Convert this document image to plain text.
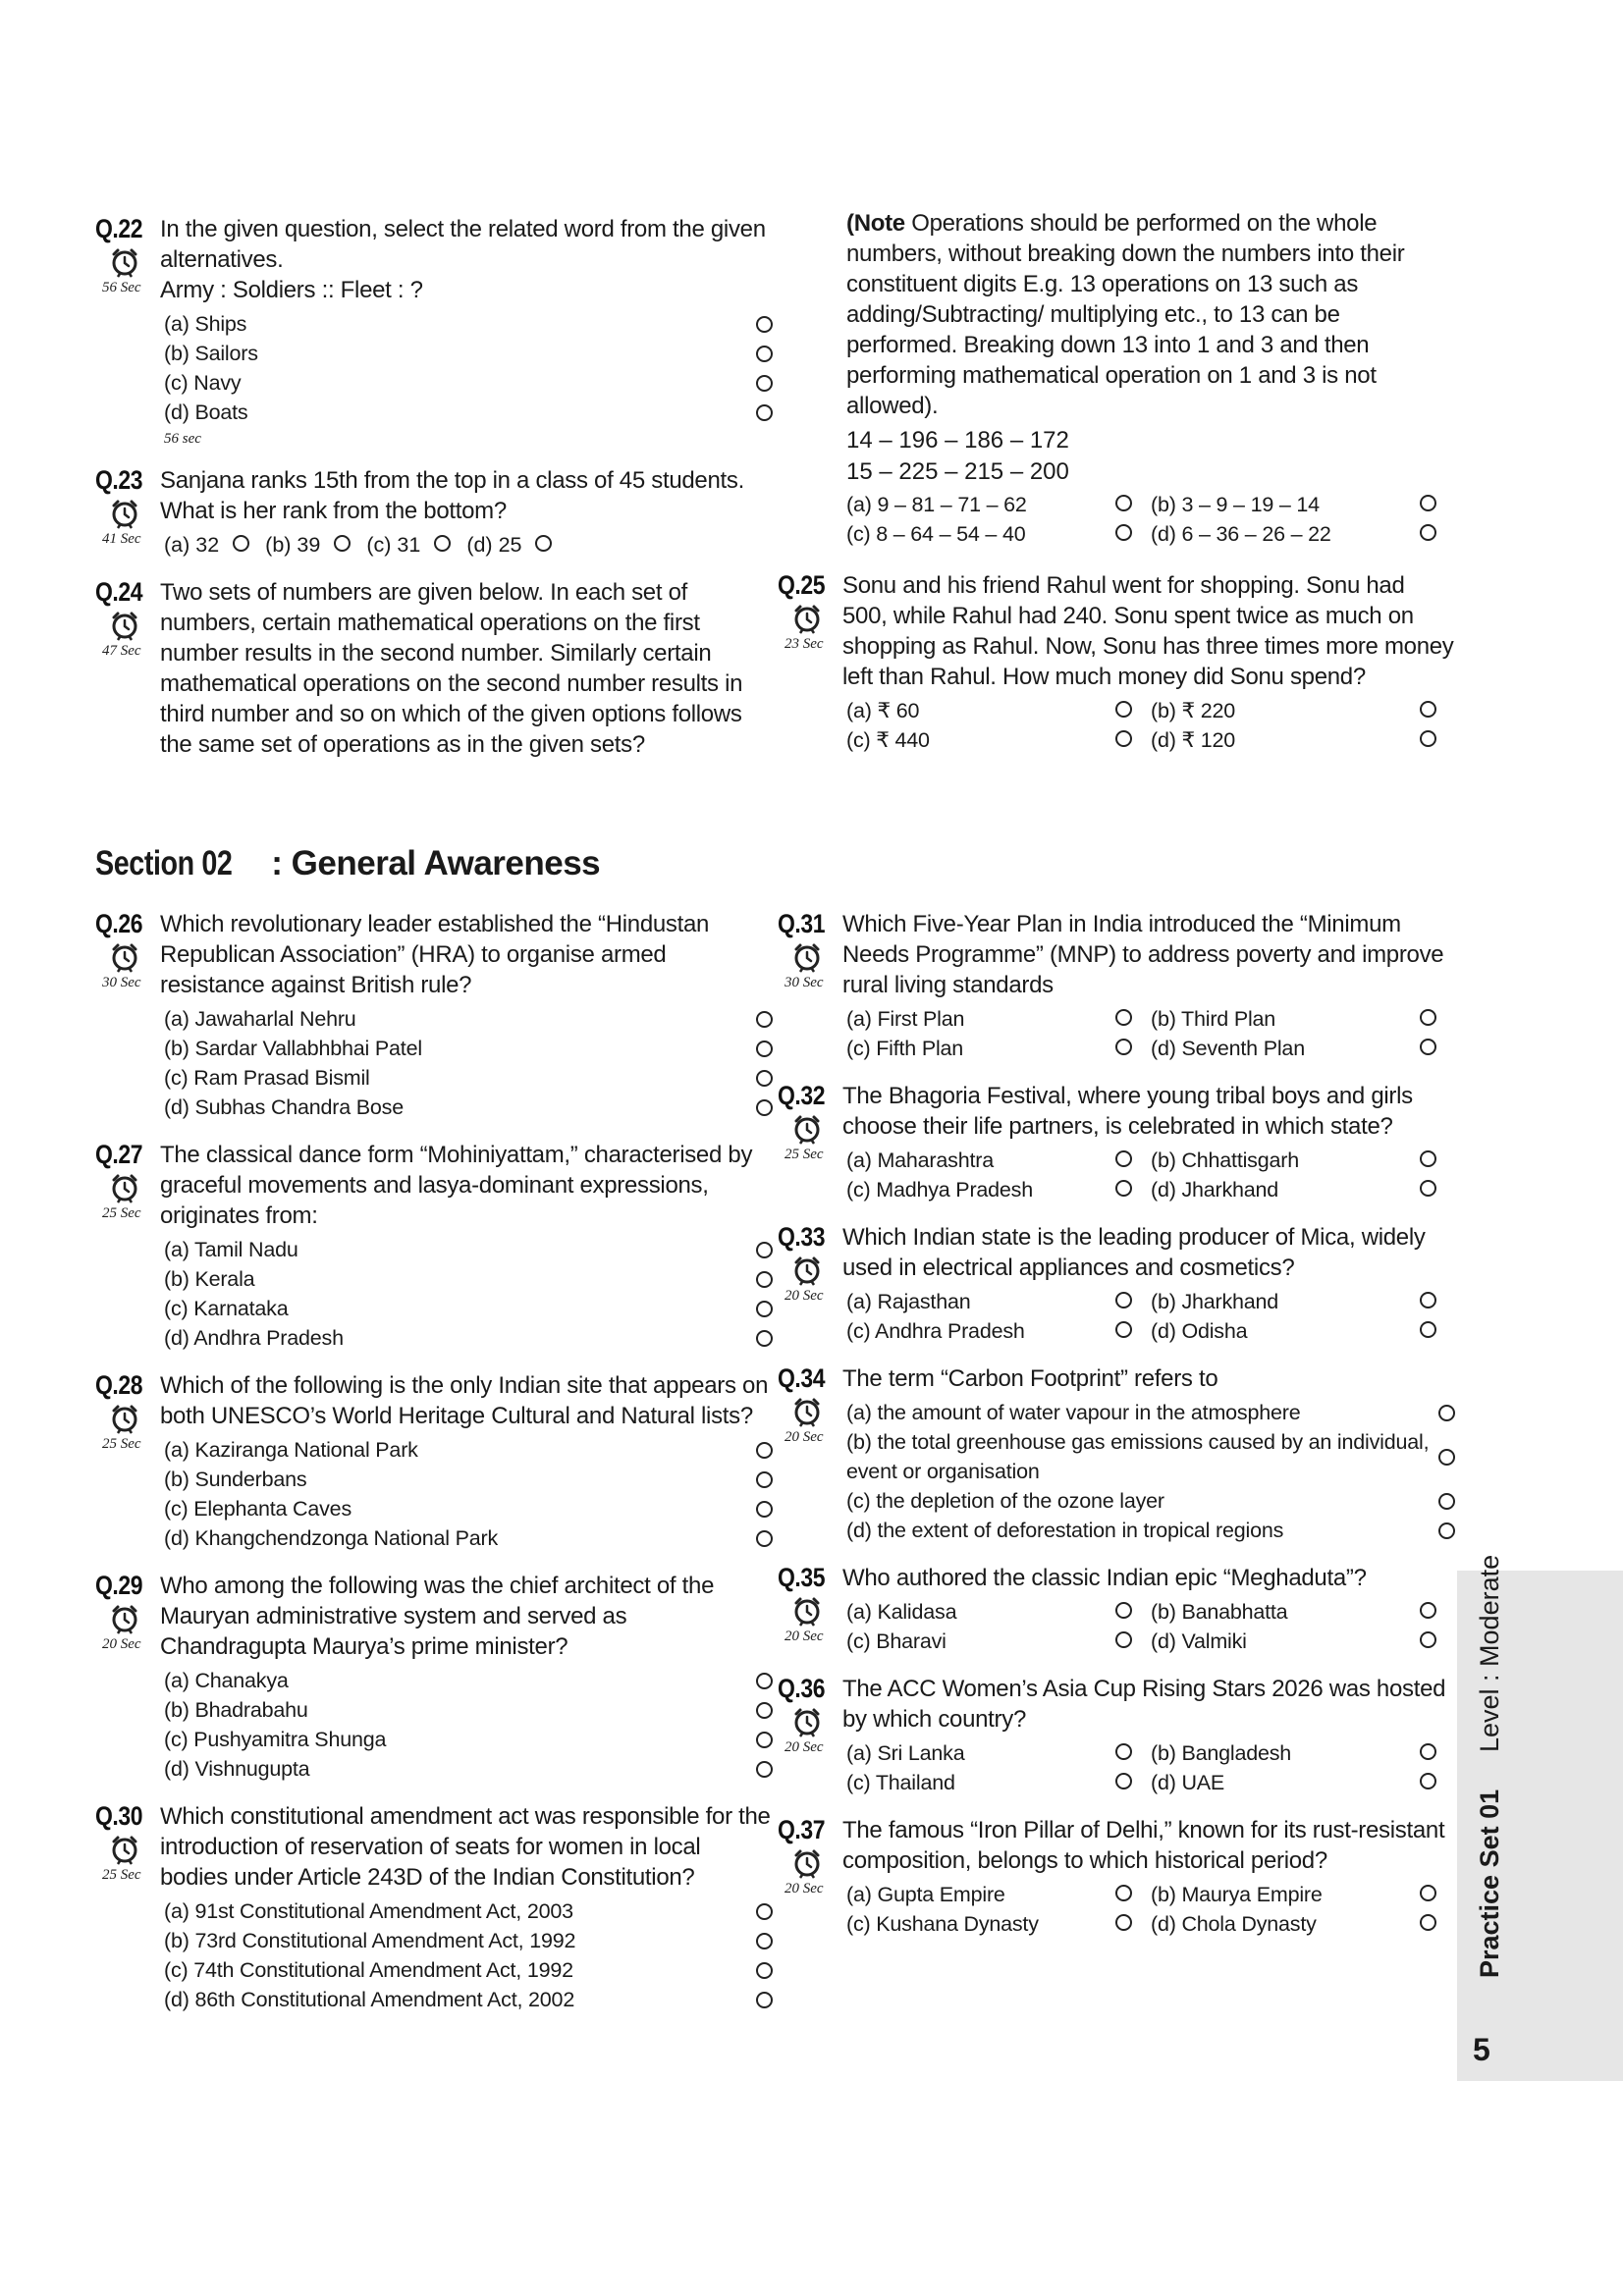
Q.22
56 Sec
In the given question, select the related word from the given alternatives.
Army : Soldiers :: Fleet : ?
(a) Ships
(b) Sailors
(c) Navy
(d) Boats
56 sec
Q.23
41 Sec
Sanjana ranks 15th from the top in a class of 45 students. What is her rank from the bottom?
(a) 32 (b) 39 (c) 31 (d) 25
Q.24
47 Sec
Two sets of numbers are given below. In each set of numbers, certain mathematical operations on the first number results in the second number. Similarly certain mathematical operations on the second number results in third number and so on which of the given options follows the same set of operations as in the given sets?
(Note Operations should be performed on the whole numbers, without breaking down the numbers into their constituent digits E.g. 13 operations on 13 such as adding/Subtracting/ multiplying etc., to 13 can be performed. Breaking down 13 into 1 and 3 and then performing mathematical operation on 1 and 3 is not allowed).
14 – 196 – 186 – 172
15 – 225 – 215 – 200
(a) 9 – 81 – 71 – 62	(b) 3 – 9 – 19 – 14
(c) 8 – 64 – 54 – 40	(d) 6 – 36 – 26 – 22
Q.25
23 Sec
Sonu and his friend Rahul went for shopping. Sonu had 500, while Rahul had 240. Sonu spent twice as much on shopping as Rahul. Now, Sonu has three times more money left than Rahul. How much money did Sonu spend?
(a) ₹ 60	(b) ₹ 220
(c) ₹ 440	(d) ₹ 120
Section 02 : General Awareness
Q.26
30 Sec
Which revolutionary leader established the “Hindustan Republican Association” (HRA) to organise armed resistance against British rule?
(a) Jawaharlal Nehru
(b) Sardar Vallabhbhai Patel
(c) Ram Prasad Bismil
(d) Subhas Chandra Bose
Q.27
25 Sec
The classical dance form “Mohiniyattam,” characterised by graceful movements and lasya-dominant expressions, originates from:
(a) Tamil Nadu
(b) Kerala
(c) Karnataka
(d) Andhra Pradesh
Q.28
25 Sec
Which of the following is the only Indian site that appears on both UNESCO’s World Heritage Cultural and Natural lists?
(a) Kaziranga National Park
(b) Sunderbans
(c) Elephanta Caves
(d) Khangchendzonga National Park
Q.29
20 Sec
Who among the following was the chief architect of the Mauryan administrative system and served as Chandragupta Maurya’s prime minister?
(a) Chanakya
(b) Bhadrabahu
(c) Pushyamitra Shunga
(d) Vishnugupta
Q.30
25 Sec
Which constitutional amendment act was responsible for the introduction of reservation of seats for women in local bodies under Article 243D of the Indian Constitution?
(a) 91st Constitutional Amendment Act, 2003
(b) 73rd Constitutional Amendment Act, 1992
(c) 74th Constitutional Amendment Act, 1992
(d) 86th Constitutional Amendment Act, 2002
Q.31
30 Sec
Which Five-Year Plan in India introduced the “Minimum Needs Programme” (MNP) to address poverty and improve rural living standards
(a) First Plan	(b) Third Plan
(c) Fifth Plan	(d) Seventh Plan
Q.32
25 Sec
The Bhagoria Festival, where young tribal boys and girls choose their life partners, is celebrated in which state?
(a) Maharashtra	(b) Chhattisgarh
(c) Madhya Pradesh	(d) Jharkhand
Q.33
20 Sec
Which Indian state is the leading producer of Mica, widely used in electrical appliances and cosmetics?
(a) Rajasthan	(b) Jharkhand
(c) Andhra Pradesh	(d) Odisha
Q.34
20 Sec
The term “Carbon Footprint” refers to
(a) the amount of water vapour in the atmosphere
(b) the total greenhouse gas emissions caused by an individual, event or organisation
(c) the depletion of the ozone layer
(d) the extent of deforestation in tropical regions
Q.35
20 Sec
Who authored the classic Indian epic “Meghaduta”?
(a) Kalidasa	(b) Banabhatta
(c) Bharavi	(d) Valmiki
Q.36
20 Sec
The ACC Women’s Asia Cup Rising Stars 2026 was hosted by which country?
(a) Sri Lanka	(b) Bangladesh
(c) Thailand	(d) UAE
Q.37
20 Sec
The famous “Iron Pillar of Delhi,” known for its rust-resistant composition, belongs to which historical period?
(a) Gupta Empire	(b) Maurya Empire
(c) Kushana Dynasty	(d) Chola Dynasty
Level : Moderate
Practice Set 01
5
